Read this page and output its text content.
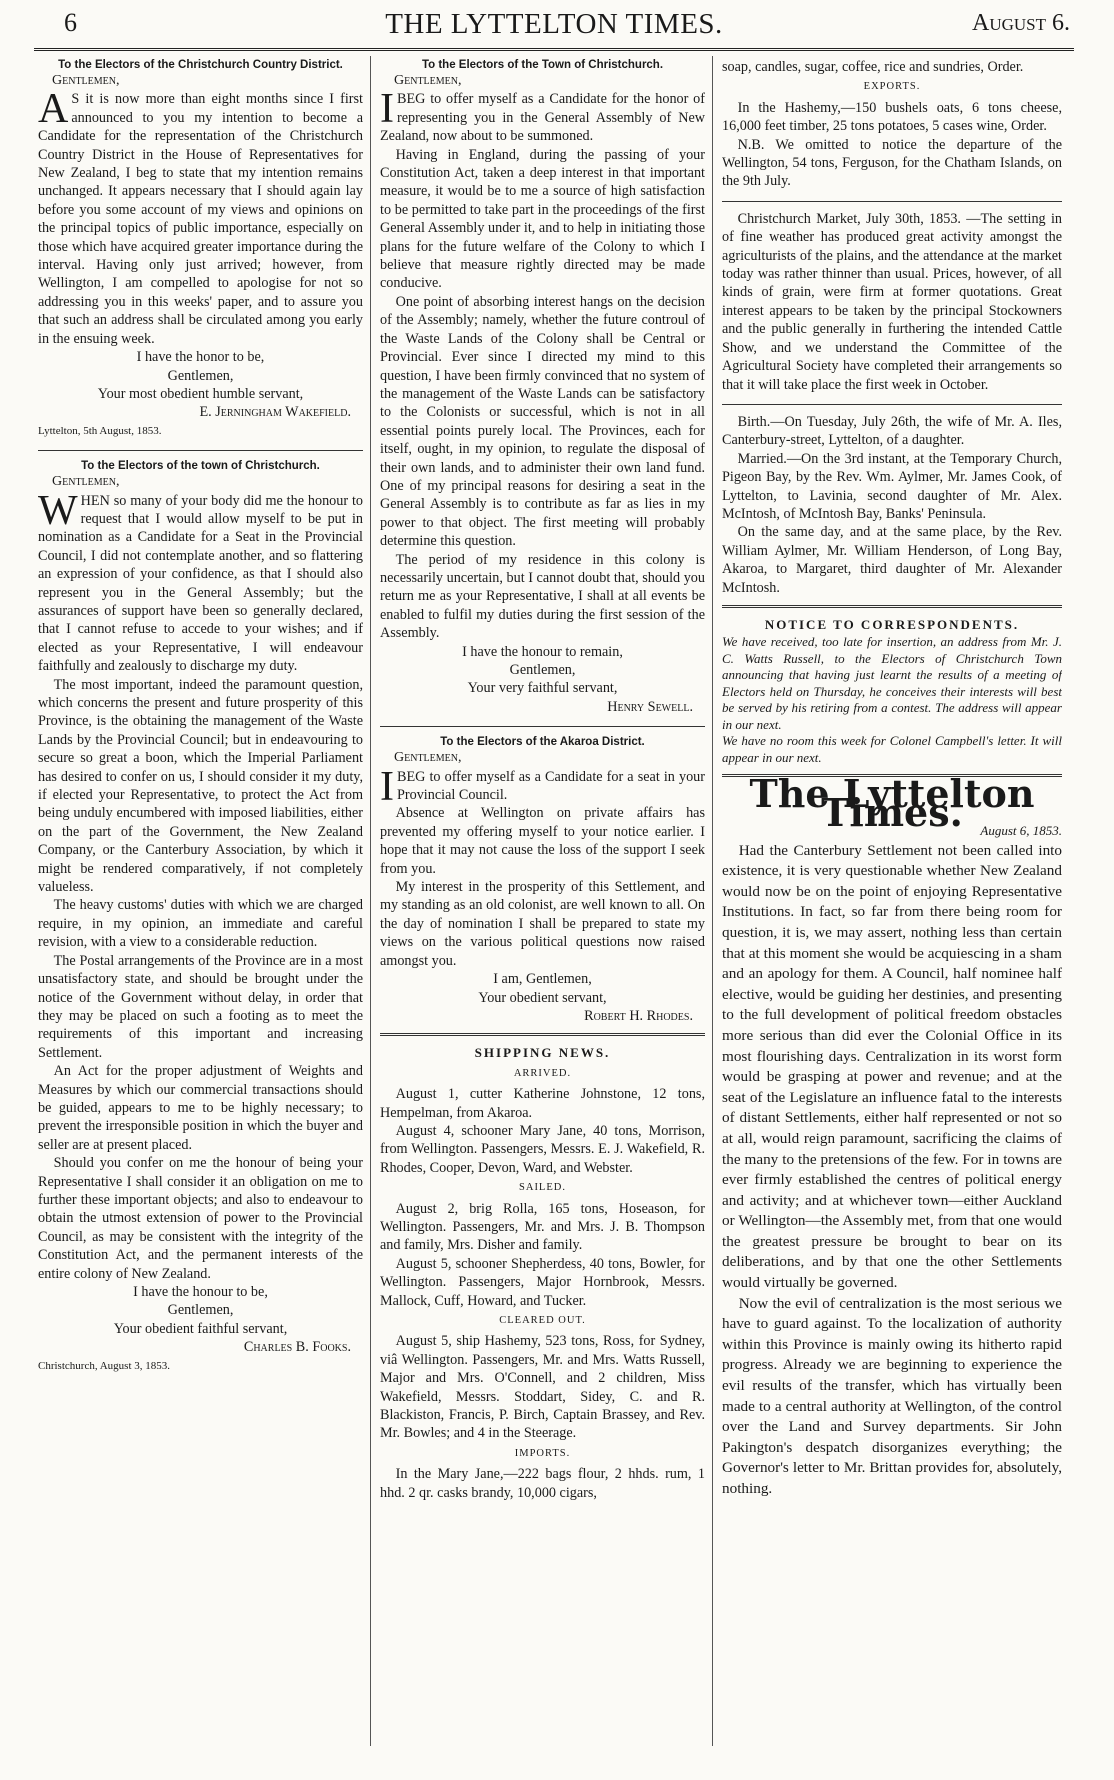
6	THE LYTTELTON TIMES.	August 6.

To the Electors of the Christchurch Country District.

Gentlemen,

A S it is now more than eight months since I first announced to you my intention to become a Candidate for the representation of the Christchurch Country District in the House of Representatives for New Zealand, I beg to state that my intention remains unchanged. It appears necessary that I should again lay before you some account of my views and opinions on the principal topics of public importance, especially on those which have acquired greater importance during the interval. Having only just arrived; however, from Wellington, I am compelled to apologise for not so addressing you in this weeks' paper, and to assure you that such an address shall be circulated among you early in the ensuing week.

I have the honor to be,

Gentlemen,

Your most obedient humble servant,

E. Jerningham Wakefield.

Lyttelton, 5th August, 1853.

To the Electors of the town of Christchurch.

Gentlemen,

WHEN so many of your body did me the honour to request that I would allow myself to be put in nomination as a Candidate for a Seat in the Provincial Council, I did not contemplate another, and so flattering an expression of your confidence, as that I should also represent you in the General Assembly; but the assurances of support have been so generally declared, that I cannot refuse to accede to your wishes; and if elected as your Representative, I will endeavour faithfully and zealously to discharge my duty.

The most important, indeed the paramount question, which concerns the present and future prosperity of this Province, is the obtaining the management of the Waste Lands by the Provincial Council; but in endeavouring to secure so great a boon, which the Imperial Parliament has desired to confer on us, I should consider it my duty, if elected your Representative, to protect the Act from being unduly encumbered with imposed liabilities, either on the part of the Government, the New Zealand Company, or the Canterbury Association, by which it might be rendered comparatively, if not completely valueless.

The heavy customs' duties with which we are charged require, in my opinion, an immediate and careful revision, with a view to a considerable reduction.

The Postal arrangements of the Province are in a most unsatisfactory state, and should be brought under the notice of the Government without delay, in order that they may be placed on such a footing as to meet the requirements of this important and increasing Settlement.

An Act for the proper adjustment of Weights and Measures by which our commercial transactions should be guided, appears to me to be highly necessary; to prevent the irresponsible position in which the buyer and seller are at present placed.

Should you confer on me the honour of being your Representative I shall consider it an obligation on me to further these important objects; and also to endeavour to obtain the utmost extension of power to the Provincial Council, as may be consistent with the integrity of the Constitution Act, and the permanent interests of the entire colony of New Zealand.

I have the honour to be,

Gentlemen,

Your obedient faithful servant,

Charles B. Fooks.

Christchurch, August 3, 1853.

To the Electors of the Town of Christchurch.

Gentlemen,

IBEG to offer myself as a Candidate for the honor of representing you in the General Assembly of New Zealand, now about to be summoned.

Having in England, during the passing of your Constitution Act, taken a deep interest in that important measure, it would be to me a source of high satisfaction to be permitted to take part in the proceedings of the first General Assembly under it, and to help in initiating those plans for the future welfare of the Colony to which I believe that measure rightly directed may be made conducive.

One point of absorbing interest hangs on the decision of the Assembly; namely, whether the future controul of the Waste Lands of the Colony shall be Central or Provincial. Ever since I directed my mind to this question, I have been firmly convinced that no system of the management of the Waste Lands can be satisfactory to the Colonists or successful, which is not in all essential points purely local. The Provinces, each for itself, ought, in my opinion, to regulate the disposal of their own lands, and to administer their own land fund. One of my principal reasons for desiring a seat in the General Assembly is to contribute as far as lies in my power to that object. The first meeting will probably determine this question.

The period of my residence in this colony is necessarily uncertain, but I cannot doubt that, should you return me as your Representative, I shall at all events be enabled to fulfil my duties during the first session of the Assembly.

I have the honour to remain,

Gentlemen,

Your very faithful servant,

Henry Sewell.

To the Electors of the Akaroa District.

Gentlemen,

IBEG to offer myself as a Candidate for a seat in your Provincial Council.

Absence at Wellington on private affairs has prevented my offering myself to your notice earlier. I hope that it may not cause the loss of the support I seek from you.

My interest in the prosperity of this Settlement, and my standing as an old colonist, are well known to all. On the day of nomination I shall be prepared to state my views on the various political questions now raised amongst you.

I am, Gentlemen,

Your obedient servant,

Robert H. Rhodes.

SHIPPING NEWS.

ARRIVED.

August 1, cutter Katherine Johnstone, 12 tons, Hempelman, from Akaroa.

August 4, schooner Mary Jane, 40 tons, Morrison, from Wellington. Passengers, Messrs. E. J. Wakefield, R. Rhodes, Cooper, Devon, Ward, and Webster.

SAILED.

August 2, brig Rolla, 165 tons, Hoseason, for Wellington. Passengers, Mr. and Mrs. J. B. Thompson and family, Mrs. Disher and family.

August 5, schooner Shepherdess, 40 tons, Bowler, for Wellington. Passengers, Major Hornbrook, Messrs. Mallock, Cuff, Howard, and Tucker.

CLEARED OUT.

August 5, ship Hashemy, 523 tons, Ross, for Sydney, viâ Wellington. Passengers, Mr. and Mrs. Watts Russell, Major and Mrs. O'Connell, and 2 children, Miss Wakefield, Messrs. Stoddart, Sidey, C. and R. Blackiston, Francis, P. Birch, Captain Brassey, and Rev. Mr. Bowles; and 4 in the Steerage.

IMPORTS.

In the Mary Jane,—222 bags flour, 2 hhds. rum, 1 hhd. 2 qr. casks brandy, 10,000 cigars,

soap, candles, sugar, coffee, rice and sundries, Order.

EXPORTS.

In the Hashemy,—150 bushels oats, 6 tons cheese, 16,000 feet timber, 25 tons potatoes, 5 cases wine, Order.

N.B. We omitted to notice the departure of the Wellington, 54 tons, Ferguson, for the Chatham Islands, on the 9th July.

Christchurch Market, July 30th, 1853. —The setting in of fine weather has produced great activity amongst the agriculturists of the plains, and the attendance at the market today was rather thinner than usual. Prices, however, of all kinds of grain, were firm at former quotations. Great interest appears to be taken by the principal Stockowners and the public generally in furthering the intended Cattle Show, and we understand the Committee of the Agricultural Society have completed their arrangements so that it will take place the first week in October.

Birth.—On Tuesday, July 26th, the wife of Mr. A. Iles, Canterbury-street, Lyttelton, of a daughter.

Married.—On the 3rd instant, at the Temporary Church, Pigeon Bay, by the Rev. Wm. Aylmer, Mr. James Cook, of Lyttelton, to Lavinia, second daughter of Mr. Alex. McIntosh, of McIntosh Bay, Banks' Peninsula.

On the same day, and at the same place, by the Rev. William Aylmer, Mr. William Henderson, of Long Bay, Akaroa, to Margaret, third daughter of Mr. Alexander McIntosh.

NOTICE TO CORRESPONDENTS.

We have received, too late for insertion, an address from Mr. J. C. Watts Russell, to the Electors of Christchurch Town announcing that having just learnt the results of a meeting of Electors held on Thursday, he conceives their interests will best be served by his retiring from a contest. The address will appear in our next.

We have no room this week for Colonel Campbell's letter. It will appear in our next.

The Lyttelton Times.	August 6, 1853.

Had the Canterbury Settlement not been called into existence, it is very questionable whether New Zealand would now be on the point of enjoying Representative Institutions. In fact, so far from there being room for question, it is, we may assert, nothing less than certain that at this moment she would be acquiescing in a sham and an apology for them. A Council, half nominee half elective, would be guiding her destinies, and presenting to the full development of political freedom obstacles more serious than did ever the Colonial Office in its most flourishing days. Centralization in its worst form would be grasping at power and revenue; and at the seat of the Legislature an influence fatal to the interests of distant Settlements, either half represented or not so at all, would reign paramount, sacrificing the claims of the many to the pretensions of the few. For in towns are ever firmly established the centres of political energy and activity; and at whichever town—either Auckland or Wellington—the Assembly met, from that one would the greatest pressure be brought to bear on its deliberations, and by that one the other Settlements would virtually be governed.

Now the evil of centralization is the most serious we have to guard against. To the localization of authority within this Province is mainly owing its hitherto rapid progress. Already we are beginning to experience the evil results of the transfer, which has virtually been made to a central authority at Wellington, of the control over the Land and Survey departments. Sir John Pakington's despatch disorganizes everything; the Governor's letter to Mr. Brittan provides for, absolutely, nothing.
